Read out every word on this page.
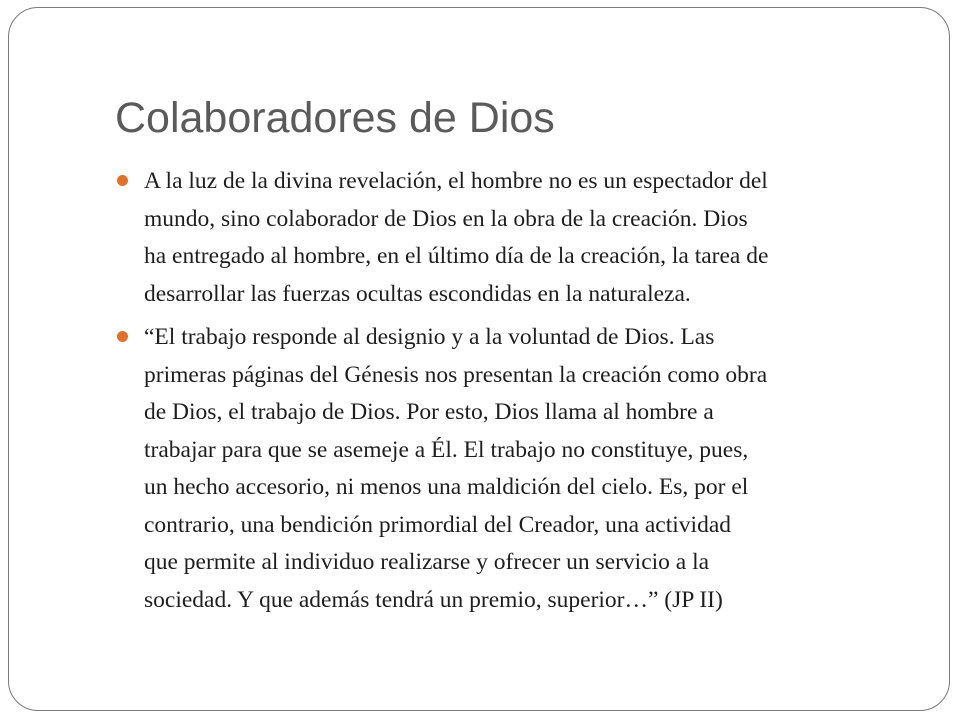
Colaboradores de Dios
A la luz de la divina revelación, el hombre no es un espectador del
mundo, sino colaborador de Dios en la obra de la creación. Dios
ha entregado al hombre, en el último día de la creación, la tarea de
desarrollar las fuerzas ocultas escondidas en la naturaleza.
“El trabajo responde al designio y a la voluntad de Dios. Las
primeras páginas del Génesis nos presentan la creación como obra
de Dios, el trabajo de Dios. Por esto, Dios llama al hombre a
trabajar para que se asemeje a Él. El trabajo no constituye, pues,
un hecho accesorio, ni menos una maldición del cielo. Es, por el
contrario, una bendición primordial del Creador, una actividad
que permite al individuo realizarse y ofrecer un servicio a la
sociedad. Y que además tendrá un premio, superior…” (JP II)
